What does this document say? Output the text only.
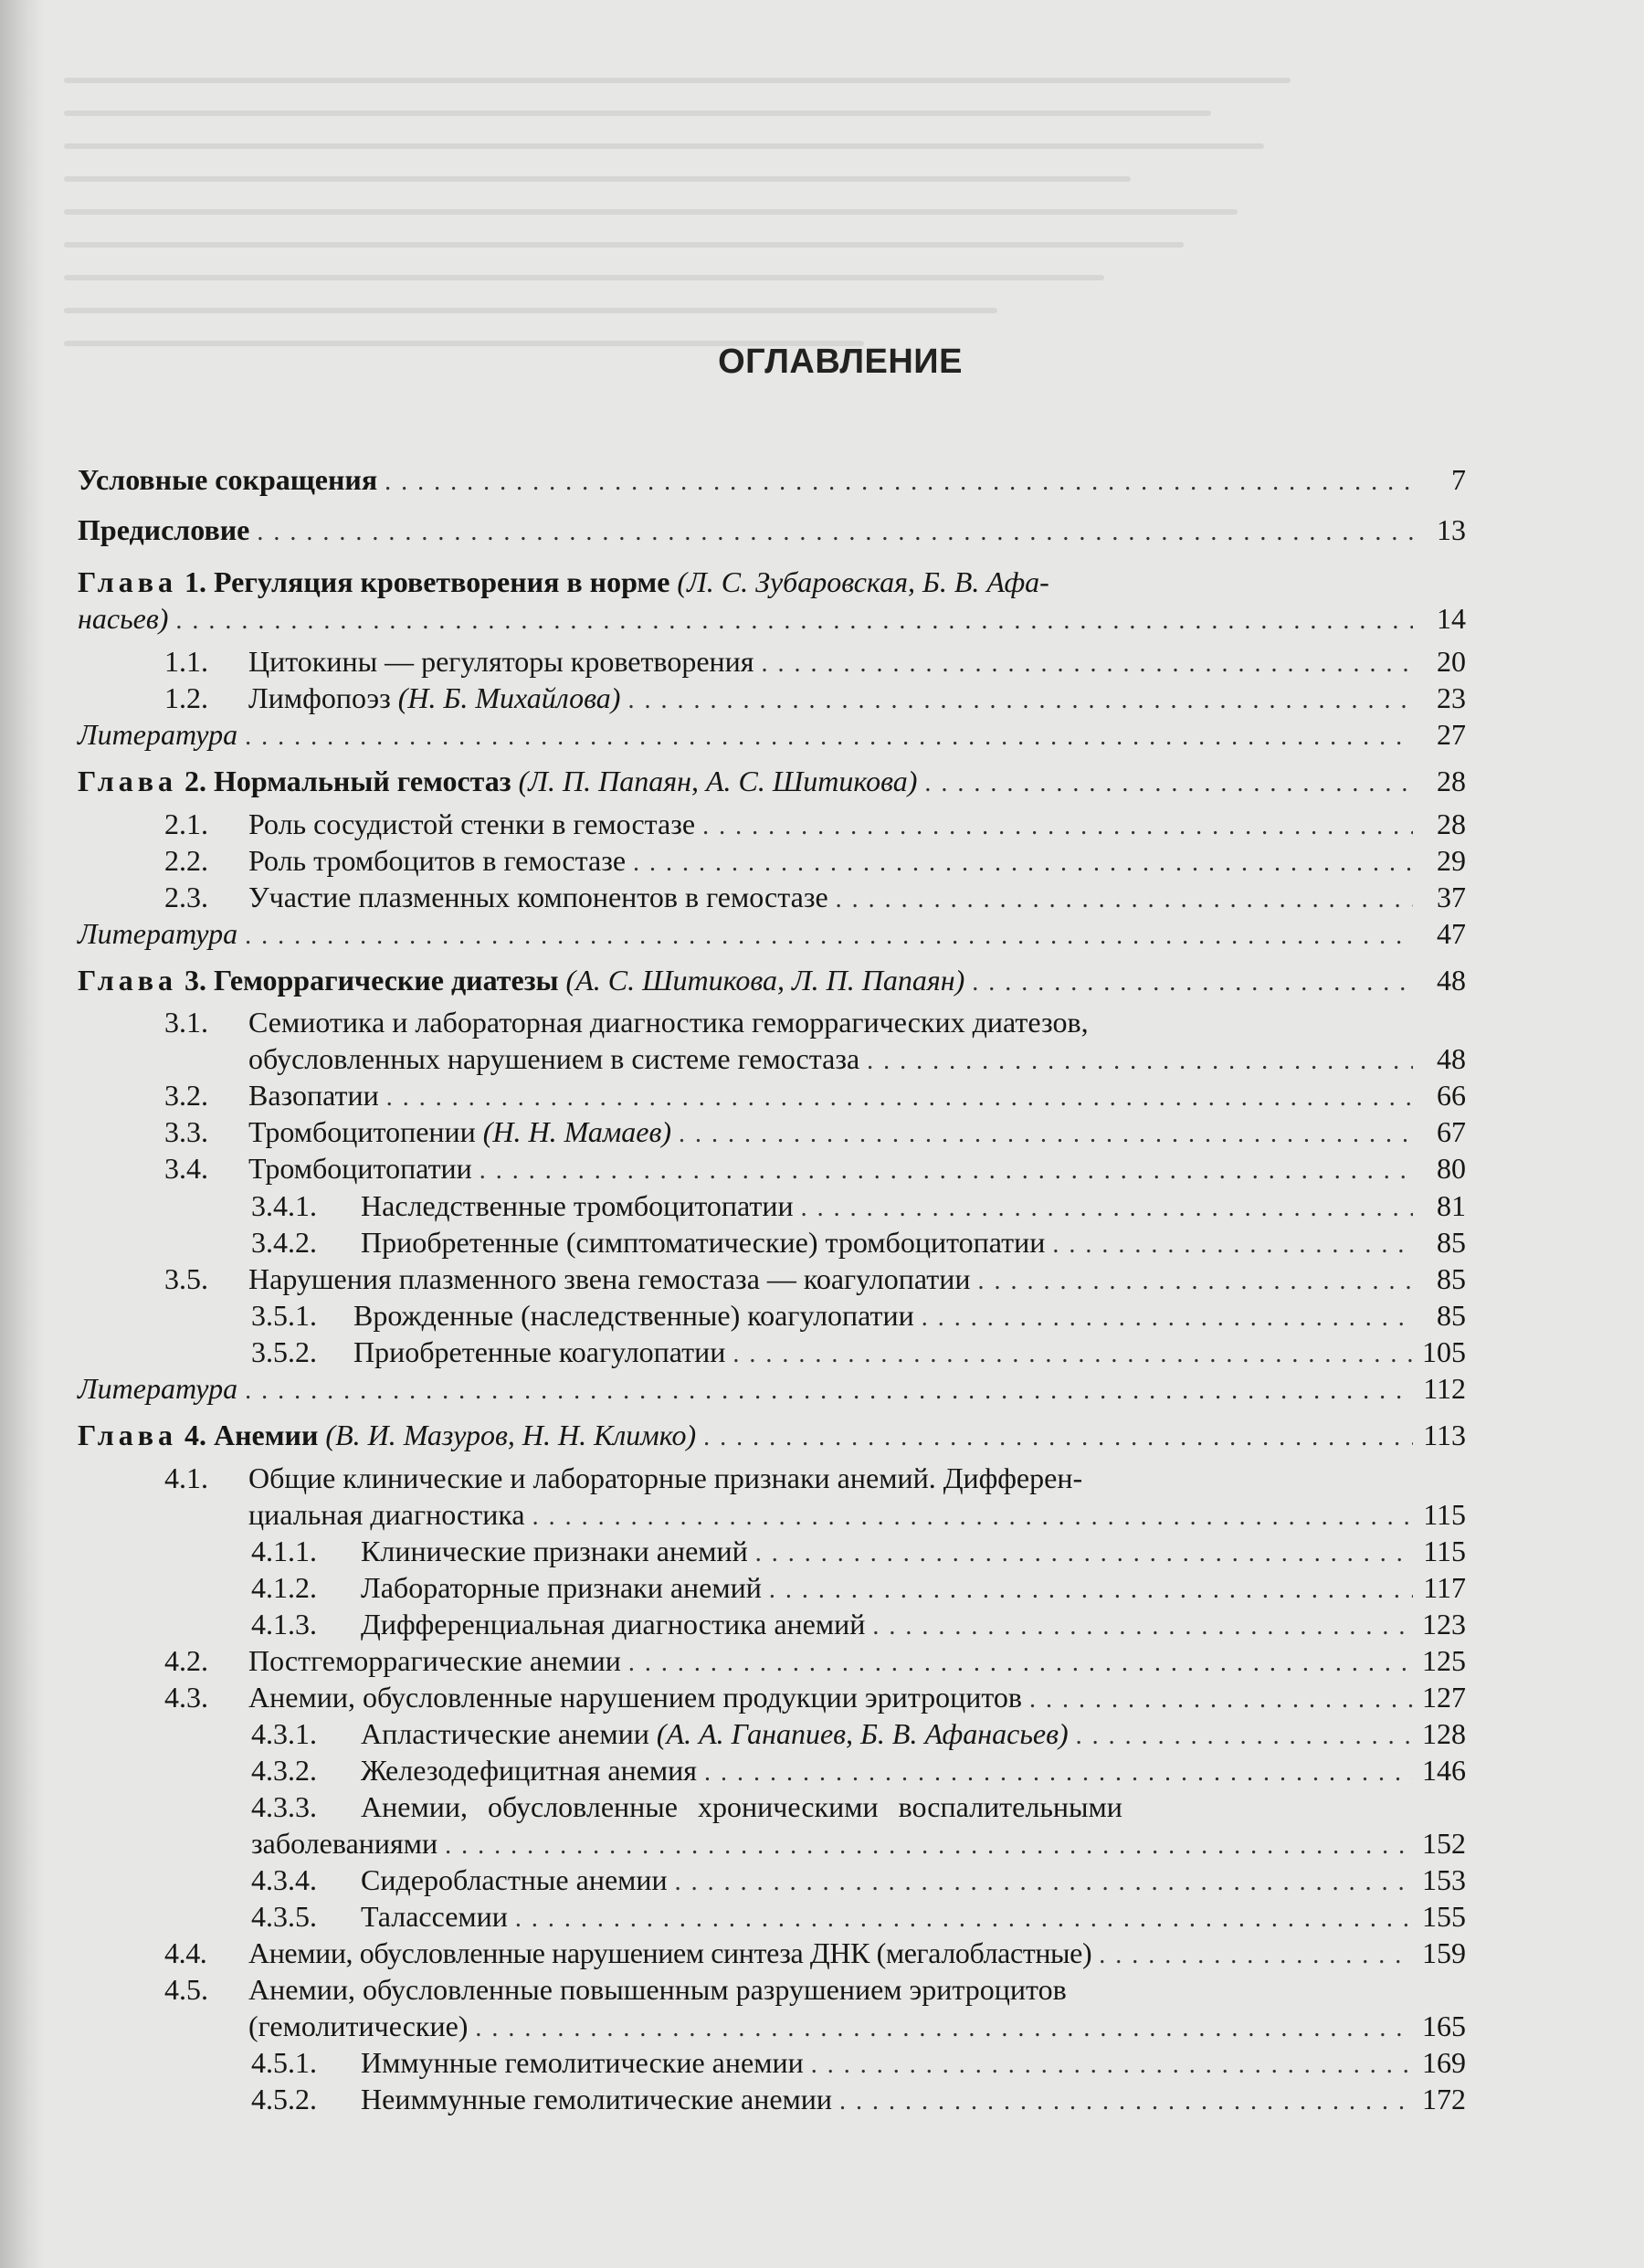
ОГЛАВЛЕНИЕ
Условные сокращения . . .	7
Предисловие . . .	13
Глава 1. Регуляция кроветворения в норме (Л. С. Зубаровская, Б. В. Афа-
насьев) . . .	14
1.1. Цитокины — регуляторы кроветворения . . .	20
1.2. Лимфопоэз (Н. Б. Михайлова) . . .	23
Литература . . .	27
Глава 2. Нормальный гемостаз (Л. П. Папаян, А. С. Шитикова) . . .	28
2.1. Роль сосудистой стенки в гемостазе . . .	28
2.2. Роль тромбоцитов в гемостазе . . .	29
2.3. Участие плазменных компонентов в гемостазе . . .	37
Литература . . .	47
Глава 3. Геморрагические диатезы (А. С. Шитикова, Л. П. Папаян) . . .	48
3.1. Семиотика и лабораторная диагностика геморрагических диатезов,
обусловленных нарушением в системе гемостаза . . .	48
3.2. Вазопатии . . .	66
3.3. Тромбоцитопении (Н. Н. Мамаев) . . .	67
3.4. Тромбоцитопатии . . .	80
3.4.1. Наследственные тромбоцитопатии . . .	81
3.4.2. Приобретенные (симптоматические) тромбоцитопатии . . .	85
3.5. Нарушения плазменного звена гемостаза — коагулопатии . . .	85
3.5.1. Врожденные (наследственные) коагулопатии . . .	85
3.5.2. Приобретенные коагулопатии . . .	105
Литература . . .	112
Глава 4. Анемии (В. И. Мазуров, Н. Н. Климко) . . .	113
4.1. Общие клинические и лабораторные признаки анемий. Дифферен-
циальная диагностика . . .	115
4.1.1. Клинические признаки анемий . . .	115
4.1.2. Лабораторные признаки анемий . . .	117
4.1.3. Дифференциальная диагностика анемий . . .	123
4.2. Постгеморрагические анемии . . .	125
4.3. Анемии, обусловленные нарушением продукции эритроцитов . . .	127
4.3.1. Апластические анемии (А. А. Ганапиев, Б. В. Афанасьев) . . .	128
4.3.2. Железодефицитная анемия . . .	146
4.3.3. Анемии, обусловленные хроническими воспалительными
заболеваниями . . .	152
4.3.4. Сидеробластные анемии . . .	153
4.3.5. Талассемии . . .	155
4.4. Анемии, обусловленные нарушением синтеза ДНК (мегалобластные) . . .	159
4.5. Анемии, обусловленные повышенным разрушением эритроцитов
(гемолитические) . . .	165
4.5.1. Иммунные гемолитические анемии . . .	169
4.5.2. Неиммунные гемолитические анемии . . .	172
